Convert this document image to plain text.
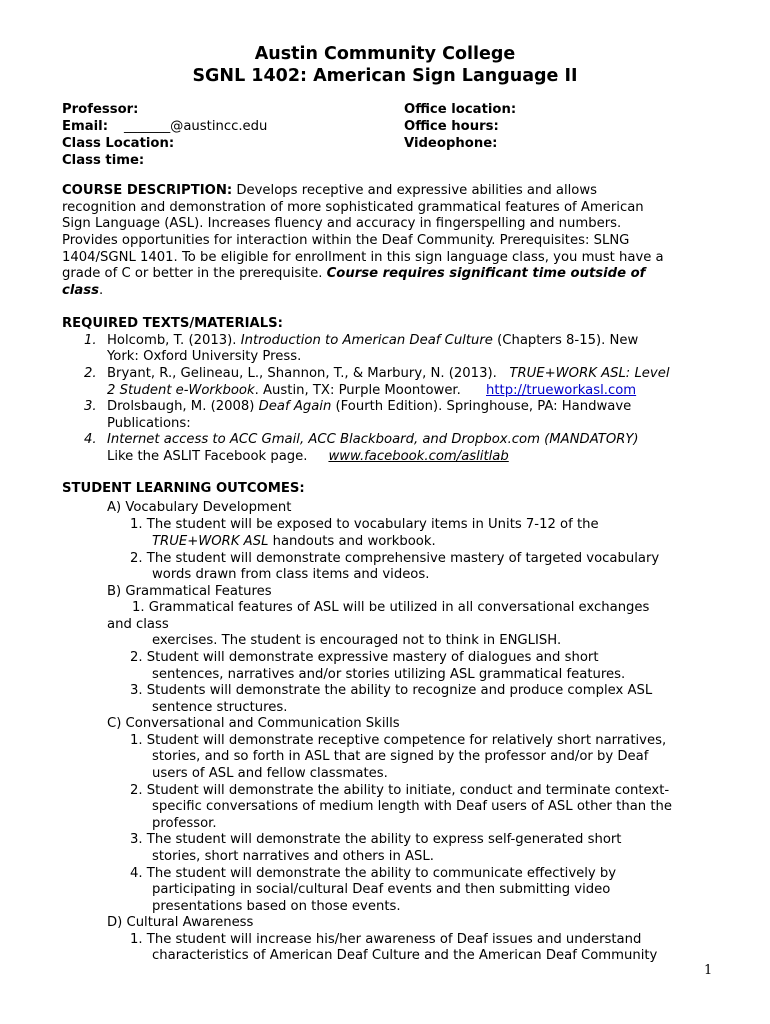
Austin Community College
SGNL 1402: American Sign Language II
Professor:
Email: _______@austincc.edu
Class Location:
Class time:
Office location:
Office hours:
Videophone:
COURSE DESCRIPTION: Develops receptive and expressive abilities and allows
recognition and demonstration of more sophisticated grammatical features of American
Sign Language (ASL). Increases fluency and accuracy in fingerspelling and numbers.
Provides opportunities for interaction within the Deaf Community. Prerequisites: SLNG
1404/SGNL 1401. To be eligible for enrollment in this sign language class, you must have a
grade of C or better in the prerequisite. Course requires significant time outside of
class.
REQUIRED TEXTS/MATERIALS:
1. Holcomb, T. (2013). Introduction to American Deaf Culture (Chapters 8-15). New
York: Oxford University Press.
2. Bryant, R., Gelineau, L., Shannon, T., & Marbury, N. (2013). TRUE+WORK ASL: Level
2 Student e-Workbook. Austin, TX: Purple Moontower. http://trueworkasl.com
3. Drolsbaugh, M. (2008) Deaf Again (Fourth Edition). Springhouse, PA: Handwave
Publications:
4. Internet access to ACC Gmail, ACC Blackboard, and Dropbox.com (MANDATORY)
Like the ASLIT Facebook page. www.facebook.com/aslitlab
STUDENT LEARNING OUTCOMES:
A) Vocabulary Development
1. The student will be exposed to vocabulary items in Units 7-12 of the
TRUE+WORK ASL handouts and workbook.
2. The student will demonstrate comprehensive mastery of targeted vocabulary
words drawn from class items and videos.
B) Grammatical Features
1. Grammatical features of ASL will be utilized in all conversational exchanges
and class
exercises. The student is encouraged not to think in ENGLISH.
2. Student will demonstrate expressive mastery of dialogues and short
sentences, narratives and/or stories utilizing ASL grammatical features.
3. Students will demonstrate the ability to recognize and produce complex ASL
sentence structures.
C) Conversational and Communication Skills
1. Student will demonstrate receptive competence for relatively short narratives,
stories, and so forth in ASL that are signed by the professor and/or by Deaf
users of ASL and fellow classmates.
2. Student will demonstrate the ability to initiate, conduct and terminate context-
specific conversations of medium length with Deaf users of ASL other than the
professor.
3. The student will demonstrate the ability to express self-generated short
stories, short narratives and others in ASL.
4. The student will demonstrate the ability to communicate effectively by
participating in social/cultural Deaf events and then submitting video
presentations based on those events.
D) Cultural Awareness
1. The student will increase his/her awareness of Deaf issues and understand
characteristics of American Deaf Culture and the American Deaf Community
1
